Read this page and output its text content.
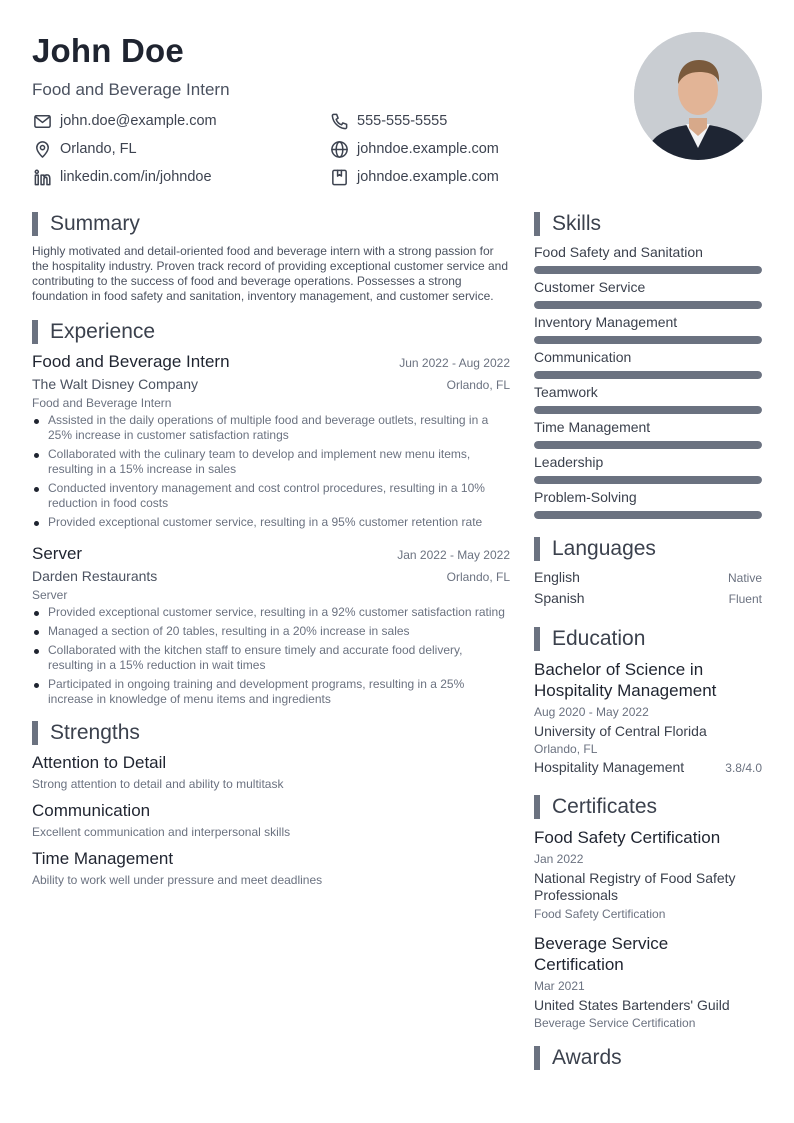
John Doe
Food and Beverage Intern
john.doe@example.com	555-555-5555
Orlando, FL	johndoe.example.com
linkedin.com/in/johndoe	johndoe.example.com
Summary
Highly motivated and detail-oriented food and beverage intern with a strong passion for the hospitality industry. Proven track record of providing exceptional customer service and contributing to the success of food and beverage operations. Possesses a strong foundation in food safety and sanitation, inventory management, and customer service.
Experience
Food and Beverage Intern	Jun 2022 - Aug 2022
The Walt Disney Company	Orlando, FL
Food and Beverage Intern
Assisted in the daily operations of multiple food and beverage outlets, resulting in a 25% increase in customer satisfaction ratings
Collaborated with the culinary team to develop and implement new menu items, resulting in a 15% increase in sales
Conducted inventory management and cost control procedures, resulting in a 10% reduction in food costs
Provided exceptional customer service, resulting in a 95% customer retention rate
Server	Jan 2022 - May 2022
Darden Restaurants	Orlando, FL
Server
Provided exceptional customer service, resulting in a 92% customer satisfaction rating
Managed a section of 20 tables, resulting in a 20% increase in sales
Collaborated with the kitchen staff to ensure timely and accurate food delivery, resulting in a 15% reduction in wait times
Participated in ongoing training and development programs, resulting in a 25% increase in knowledge of menu items and ingredients
Strengths
Attention to Detail
Strong attention to detail and ability to multitask
Communication
Excellent communication and interpersonal skills
Time Management
Ability to work well under pressure and meet deadlines
Skills
Food Safety and Sanitation
Customer Service
Inventory Management
Communication
Teamwork
Time Management
Leadership
Problem-Solving
Languages
English	Native
Spanish	Fluent
Education
Bachelor of Science in Hospitality Management
Aug 2020 - May 2022
University of Central Florida
Orlando, FL
Hospitality Management	3.8/4.0
Certificates
Food Safety Certification
Jan 2022
National Registry of Food Safety Professionals
Food Safety Certification
Beverage Service Certification
Mar 2021
United States Bartenders' Guild
Beverage Service Certification
Awards
